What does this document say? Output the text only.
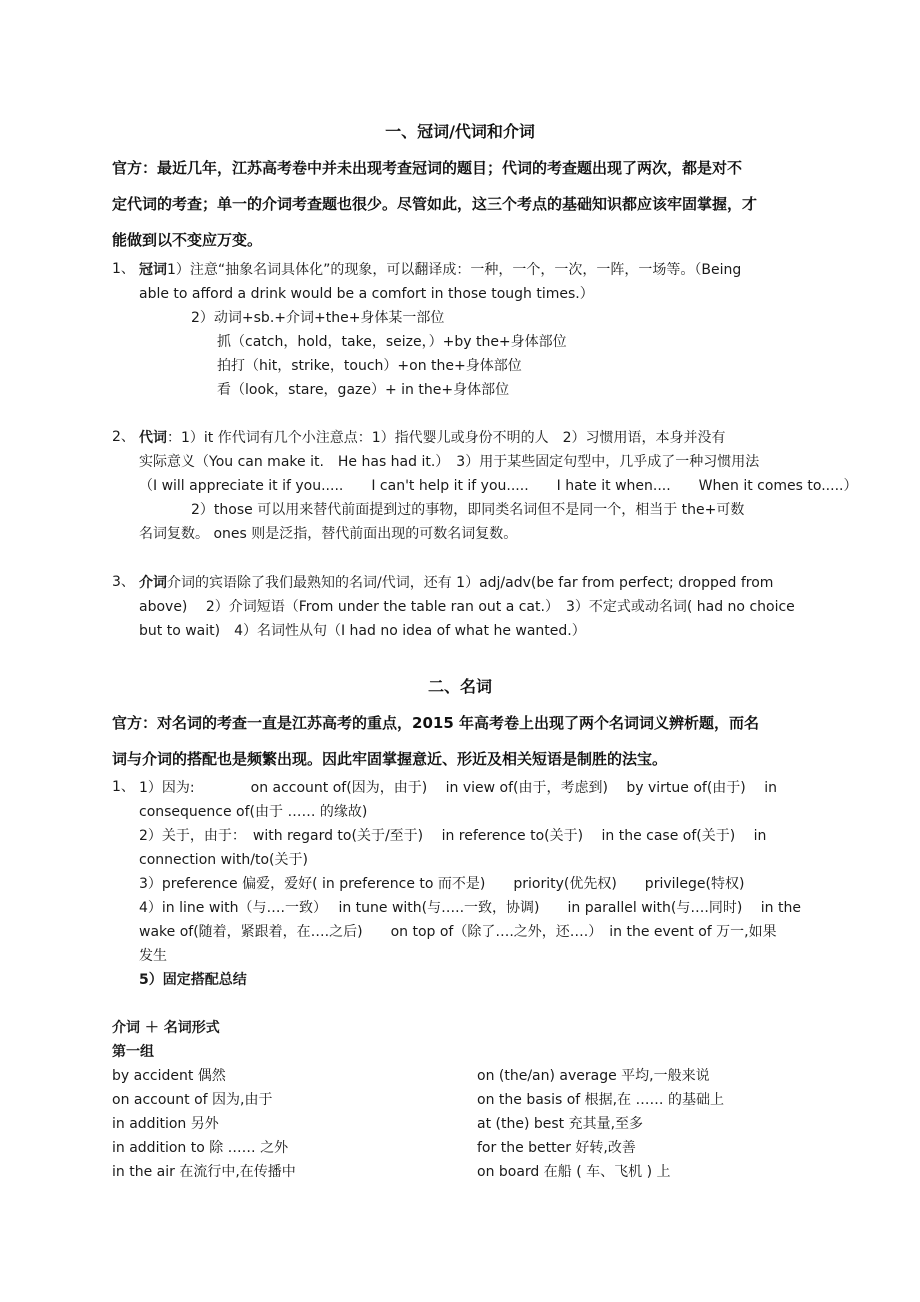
一、冠词/代词和介词
官方：最近几年，江苏高考卷中并未出现考查冠词的题目；代词的考查题出现了两次，都是对不
定代词的考查；单一的介词考查题也很少。尽管如此，这三个考点的基础知识都应该牢固掌握，才
能做到以不变应万变。
1、 冠词1）注意“抽象名词具体化”的现象，可以翻译成：一种，一个，一次，一阵，一场等。（Being
able to afford a drink would be a comfort in those tough times.）
2）动词+sb.+介词+the+身体某一部位
抓（catch，hold，take，seize，）+by the+身体部位
拍打（hit，strike，touch）+on the+身体部位
看（look，stare，gaze）+ in the+身体部位
2、 代词：1）it 作代词有几个小注意点：1）指代婴儿或身份不明的人　2）习惯用语，本身并没有
实际意义（You can make it.　He has had it.）　3）用于某些固定句型中，几乎成了一种习惯用法
（I will appreciate it if you.....　　I can't help it if you.....　　I hate it when....　　When it comes to.....）
2）those 可以用来替代前面提到过的事物，即同类名词但不是同一个，相当于 the+可数
名词复数。 ones 则是泛指，替代前面出现的可数名词复数。
3、 介词介词的宾语除了我们最熟知的名词/代词，还有 1）adj/adv(be far from perfect; dropped from
above)　 2）介词短语（From under the table ran out a cat.）　3）不定式或动名词( had no choice
but to wait)　4）名词性从句（I had no idea of what he wanted.）
二、名词
官方：对名词的考查一直是江苏高考的重点，2015 年高考卷上出现了两个名词词义辨析题，而名
词与介词的搭配也是频繁出现。因此牢固掌握意近、形近及相关短语是制胜的法宝。
1、 1）因为:　　　　on account of(因为，由于)　 in view of(由于，考虑到)　 by virtue of(由于)　 in
consequence of(由于 …… 的缘故)
2）关于，由于：　with regard to(关于/至于)　 in reference to(关于)　 in the case of(关于)　 in
connection with/to(关于)
3）preference 偏爱，爱好( in preference to 而不是)　　priority(优先权)　　privilege(特权)
4）in line with（与….一致）　 in tune with(与…..一致，协调)　　in parallel with(与….同时)　 in the
wake of(随着，紧跟着，在….之后)　　on top of（除了….之外，还….）　in the event of 万一,如果
发生
5）固定搭配总结
介词 ＋ 名词形式
第一组
by accident 偶然	on (the/an) average 平均,一般来说
on account of 因为,由于	on the basis of 根据,在 …… 的基础上
in addition 另外	at (the) best 充其量,至多
in addition to 除 …… 之外	for the better 好转,改善
in the air 在流行中,在传播中	on board 在船 ( 车、飞机 ) 上
